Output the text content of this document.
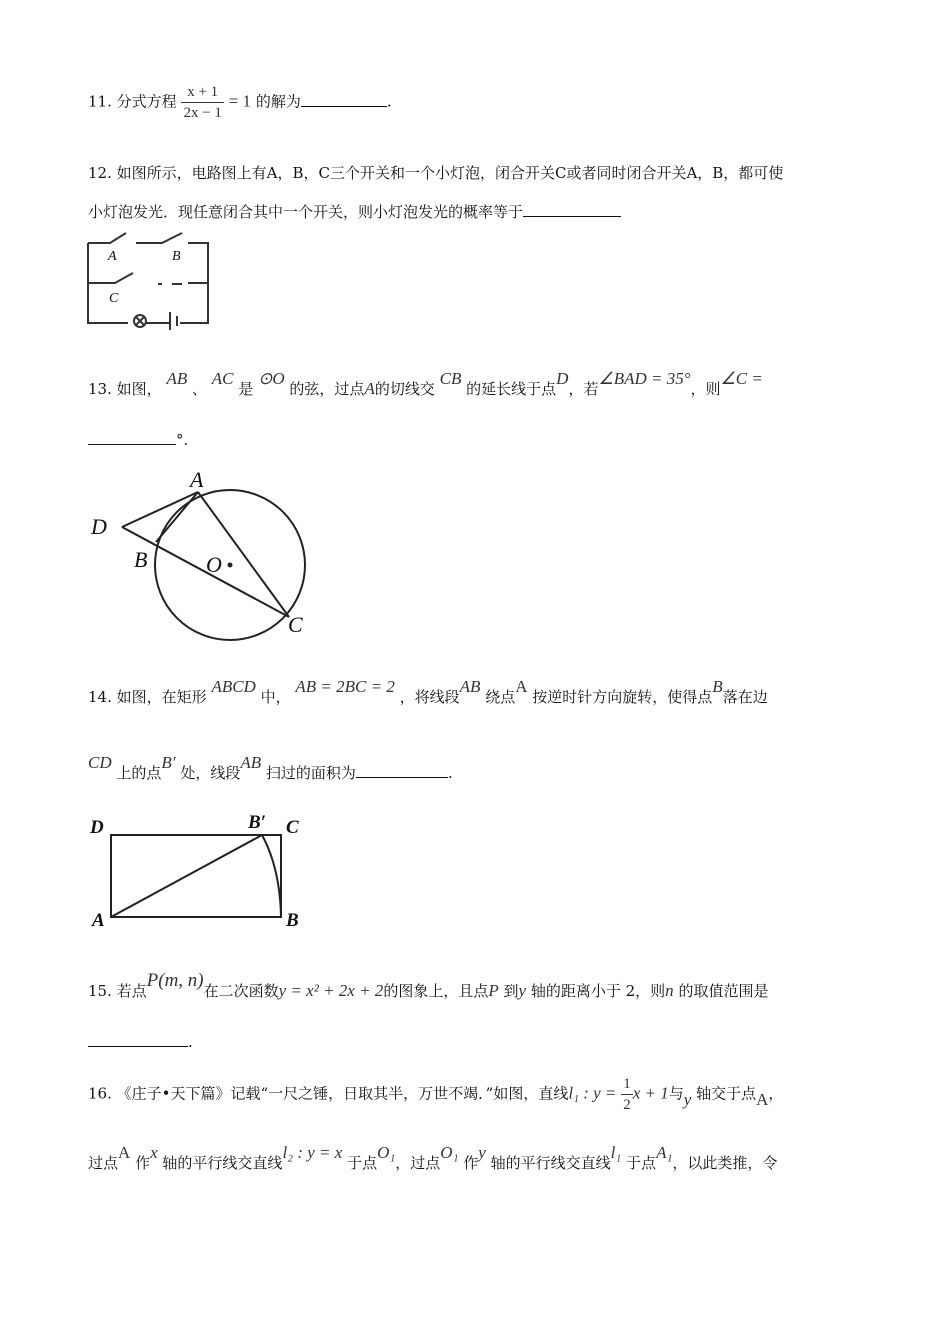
11. 分式方程 $\frac{x + 1}{2x - 1} = 1$ 的解为	.
12. 如图所示，电路图上有A，B，C三个开关和一个小灯泡，闭合开关C或者同时闭合开关A，B，都可使
小灯泡发光．现任意闭合其中一个开关，则小灯泡发光的概率等于
A	B
C
13. 如图， AB 、 AC 是 ⊙O 的弦，过点A的切线交 CB 的延长线于点D，若∠BAD = 35°，则∠C =
°.
A
B
C
D
O
14. 如图，在矩形 ABCD 中， AB = 2BC = 2 ，将线段AB 绕点A 按逆时针方向旋转，使得点B落在边
CD 上的点B′ 处，线段AB 扫过的面积为	.
D	B′ C
A	B
15. 若点P(m, n)在二次函数y = x² + 2x + 2的图象上，且点P 到y 轴的距离小于 2，则n 的取值范围是
.
16. 《庄子•天下篇》记载“一尺之锤，日取其半，万世不竭．”如图，直线l₁ : $y = \frac{1}{2}$ x + 1与y 轴交于点A，
过点A 作x 轴的平行线交直线l₂ : y = x 于点O₁，过点O₁ 作y 轴的平行线交直线l₁ 于点A₁，以此类推，令
